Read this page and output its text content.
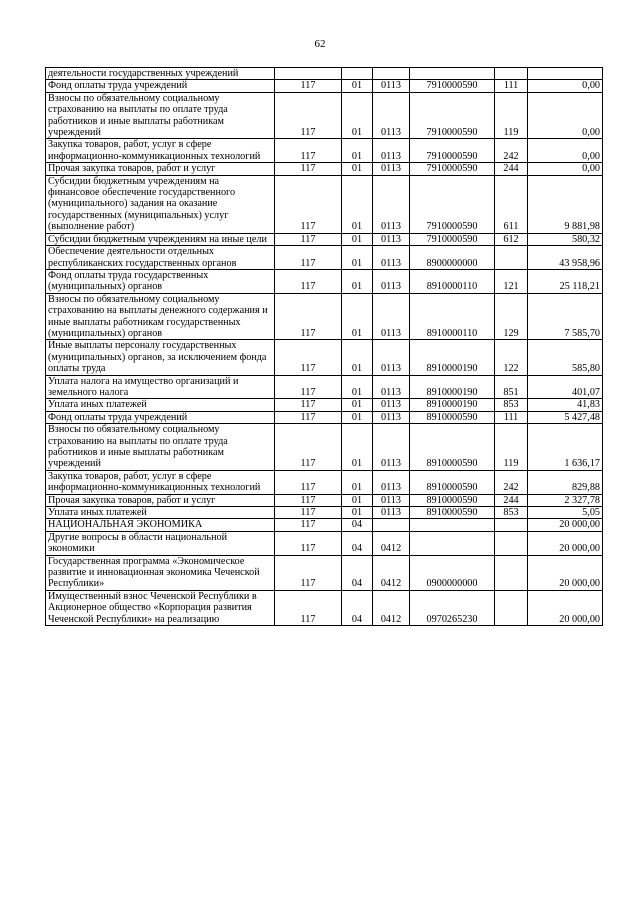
62
деятельности государственных учреждений						
Фонд оплаты труда учреждений	117	01	0113	7910000590	111	0,00
Взносы по обязательному социальному страхованию на выплаты по оплате труда работников и иные выплаты работникам учреждений	117	01	0113	7910000590	119	0,00
Закупка товаров, работ, услуг в сфере информационно-коммуникационных технологий	117	01	0113	7910000590	242	0,00
Прочая закупка товаров, работ и услуг	117	01	0113	7910000590	244	0,00
Субсидии бюджетным учреждениям на финансовое обеспечение государственного (муниципального) задания на оказание государственных (муниципальных) услуг (выполнение работ)	117	01	0113	7910000590	611	9 881,98
Субсидии бюджетным учреждениям на иные цели	117	01	0113	7910000590	612	580,32
Обеспечение деятельности отдельных республиканских государственных органов	117	01	0113	8900000000		43 958,96
Фонд оплаты труда государственных (муниципальных) органов	117	01	0113	8910000110	121	25 118,21
Взносы по обязательному социальному страхованию на выплаты денежного содержания и иные выплаты работникам государственных (муниципальных) органов	117	01	0113	8910000110	129	7 585,70
Иные выплаты персоналу государственных (муниципальных) органов, за исключением фонда оплаты труда	117	01	0113	8910000190	122	585,80
Уплата налога на имущество организаций и земельного налога	117	01	0113	8910000190	851	401,07
Уплата иных платежей	117	01	0113	8910000190	853	41,83
Фонд оплаты труда учреждений	117	01	0113	8910000590	111	5 427,48
Взносы по обязательному социальному страхованию на выплаты по оплате труда работников и иные выплаты работникам учреждений	117	01	0113	8910000590	119	1 636,17
Закупка товаров, работ, услуг в сфере информационно-коммуникационных технологий	117	01	0113	8910000590	242	829,88
Прочая закупка товаров, работ и услуг	117	01	0113	8910000590	244	2 327,78
Уплата иных платежей	117	01	0113	8910000590	853	5,05
НАЦИОНАЛЬНАЯ ЭКОНОМИКА	117	04				20 000,00
Другие вопросы в области национальной экономики	117	04	0412			20 000,00
Государственная программа «Экономическое развитие и инновационная экономика Чеченской Республики»	117	04	0412	0900000000		20 000,00
Имущественный взнос Чеченской Республики в Акционерное общество «Корпорация развития Чеченской Республики» на реализацию	117	04	0412	0970265230		20 000,00
